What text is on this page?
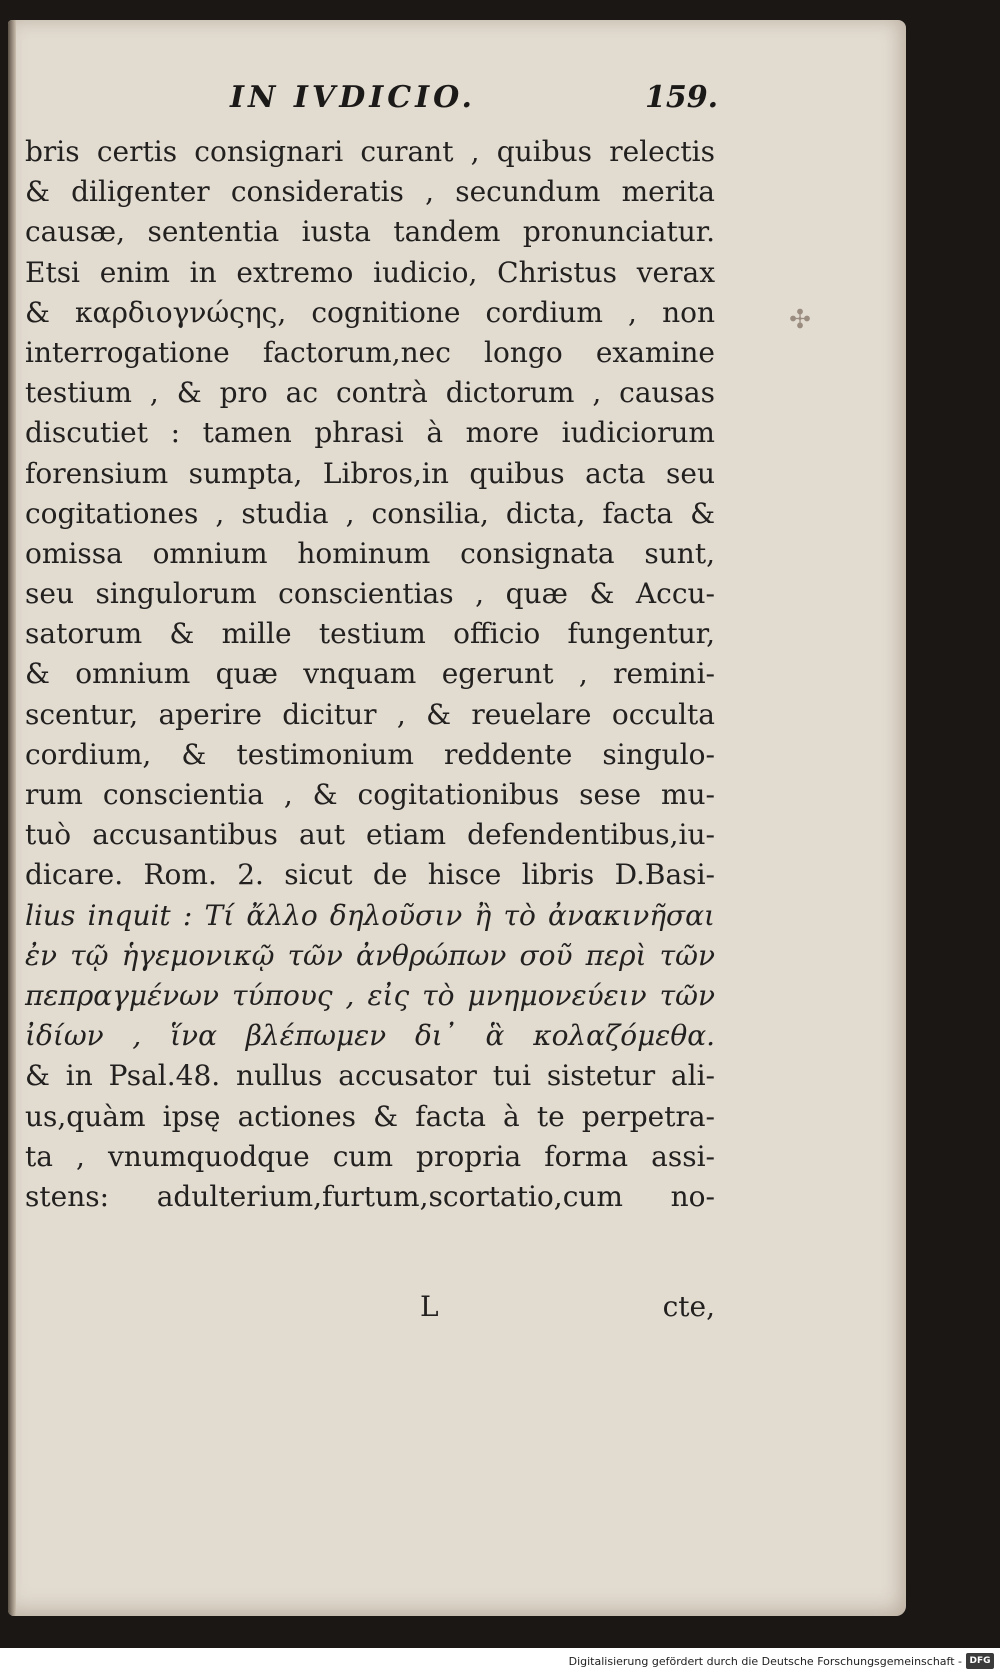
IN IVDICIO.	159.
✣
bris certis consignari curant , quibus relectis
& diligenter consideratis , secundum merita
causæ, sententia iusta tandem pronunciatur.
Etsi enim in extremo iudicio, Christus verax
& καρδιογνώςης, cognitione cordium , non
interrogatione factorum,nec longo examine
testium , & pro ac contrà dictorum , causas
discutiet : tamen phrasi à more iudiciorum
forensium sumpta, Libros,in quibus acta seu
cogitationes , studia , consilia, dicta, facta &
omissa omnium hominum consignata sunt,
seu singulorum conscientias , quæ & Accu-
satorum & mille testium officio fungentur,
& omnium quæ vnquam egerunt , remini-
scentur, aperire dicitur , & reuelare occulta
cordium, & testimonium reddente singulo-
rum conscientia , & cogitationibus sese mu-
tuò accusantibus aut etiam defendentibus,iu-
dicare. Rom. 2. sicut de hisce libris D.Basi-
lius inquit : Τί ἄλλο δηλοῦσιν ἢ τὸ ἀνακινῆσαι
ἐν τῷ ἡγεμονικῷ τῶν ἀνθρώπων σοῦ περὶ τῶν
πεπραγμένων τύπους , εἰς τὸ μνημονεύειν τῶν
ἰδίων , ἵνα βλέπωμεν δι᾽ ἃ κολαζόμεθα.
& in Psal.48. nullus accusator tui sistetur ali-
us,quàm ipsę actiones & facta à te perpetra-
ta , vnumquodque cum propria forma assi-
stens: adulterium,furtum,scortatio,cum no-
L	cte,
Digitalisierung gefördert durch die Deutsche Forschungsgemeinschaft - DFG
